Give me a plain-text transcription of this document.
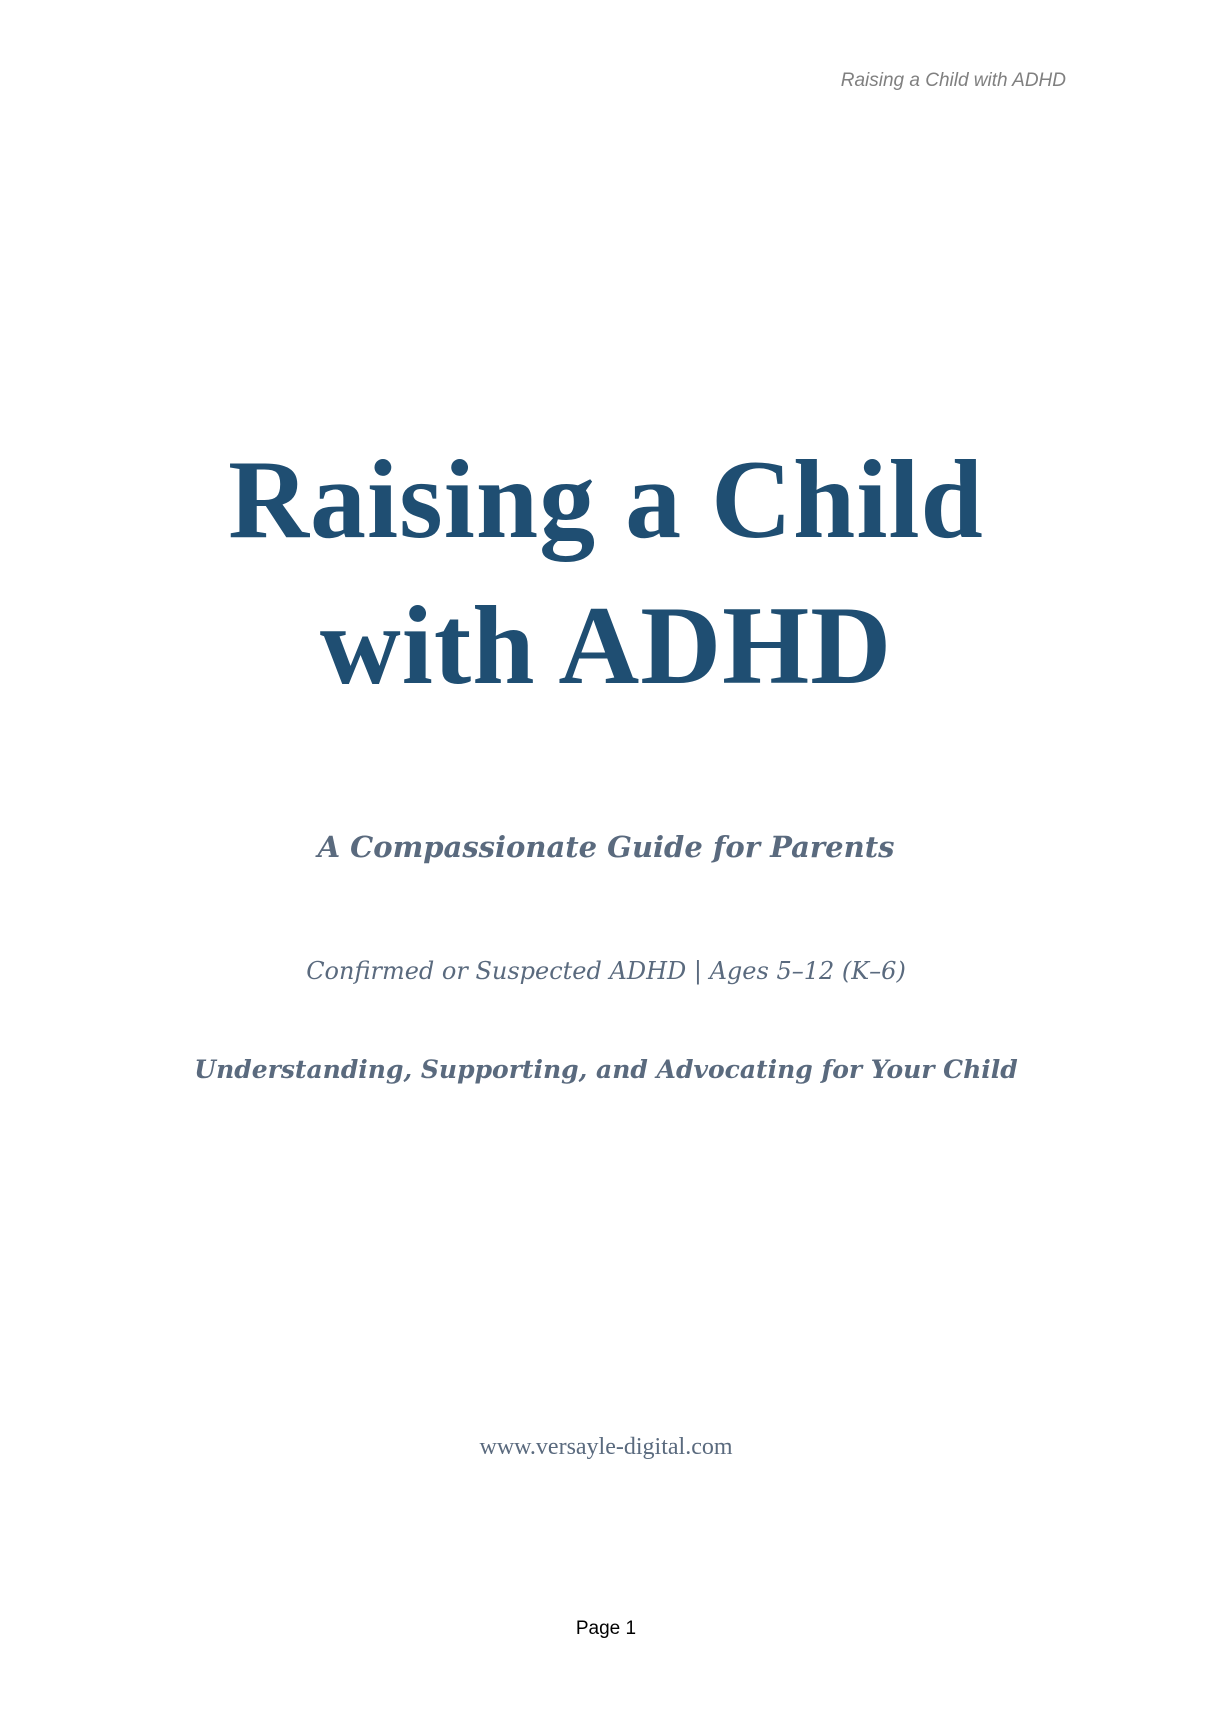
Raising a Child with ADHD
Raising a Child
with ADHD
A Compassionate Guide for Parents
Confirmed or Suspected ADHD | Ages 5–12 (K–6)
Understanding, Supporting, and Advocating for Your Child
www.versayle-digital.com
Page 1
